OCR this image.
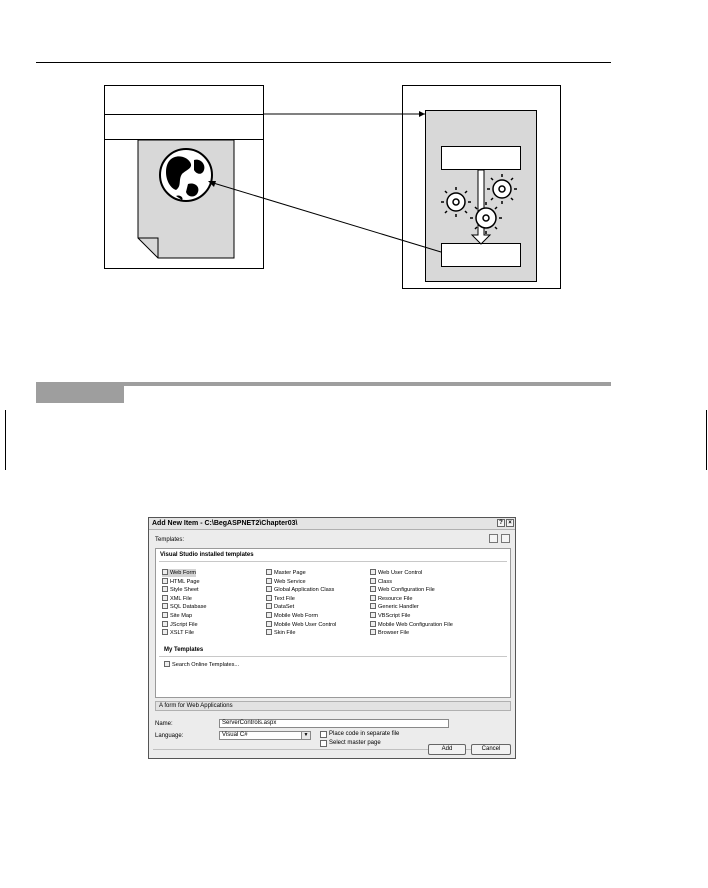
Add New Item - C:\BegASPNET2\Chapter03\	? ×
Templates:
Visual Studio installed templates
Web Form	Master Page	Web User Control
HTML Page	Web Service	Class
Style Sheet	Global Application Class	Web Configuration File
XML File	Text File	Resource File
SQL Database	DataSet	Generic Handler
Site Map	Mobile Web Form	VBScript File
JScript File	Mobile Web User Control	Mobile Web Configuration File
XSLT File	Skin File	Browser File
My Templates
Search Online Templates...
A form for Web Applications
Name:	ServerControls.aspx
Language:	Visual C#	▼	Place code in separate file
Select master page
Add	Cancel
